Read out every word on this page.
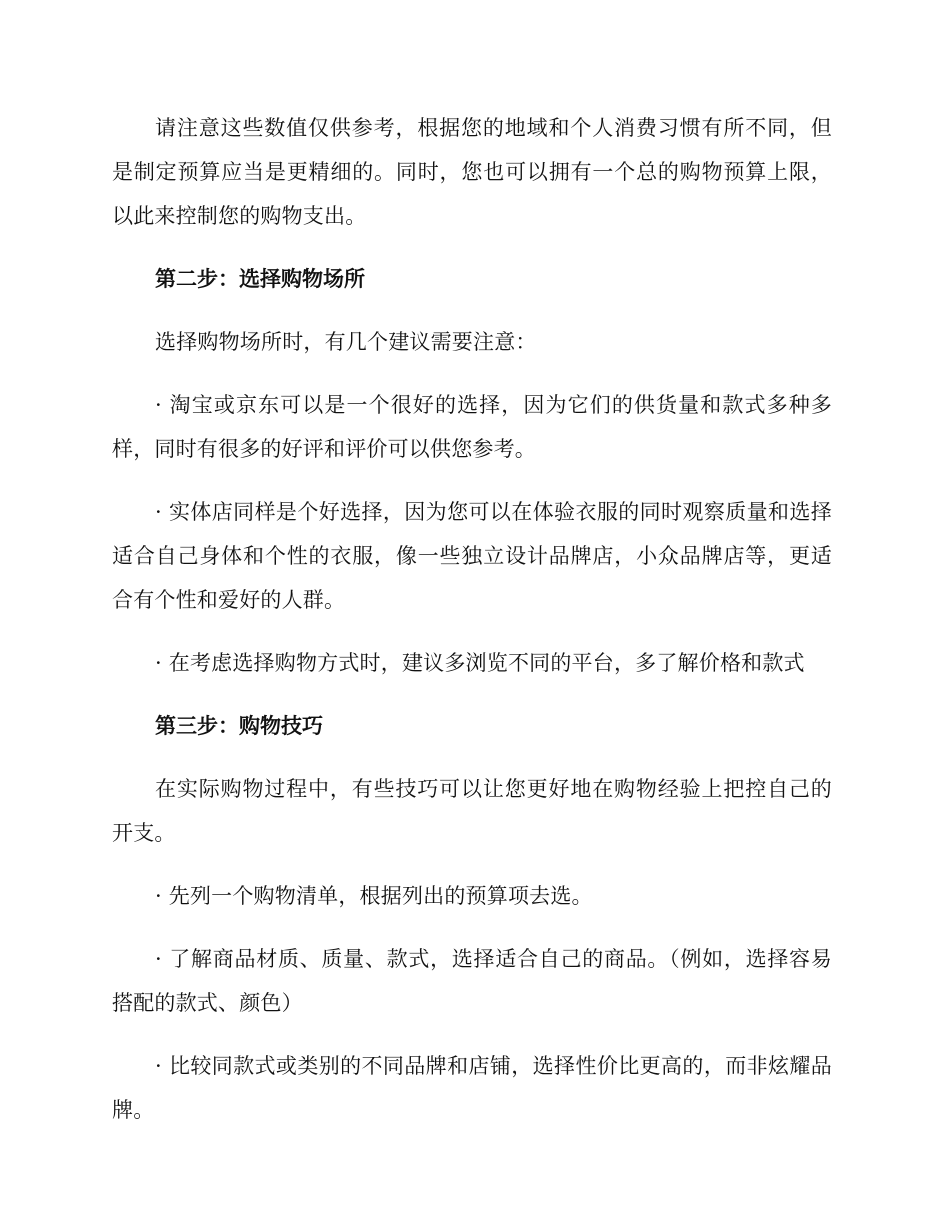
请注意这些数值仅供参考，根据您的地域和个人消费习惯有所不同，但是制定预算应当是更精细的。同时，您也可以拥有一个总的购物预算上限，以此来控制您的购物支出。

第二步：选择购物场所

选择购物场所时，有几个建议需要注意：

· 淘宝或京东可以是一个很好的选择，因为它们的供货量和款式多种多样，同时有很多的好评和评价可以供您参考。

· 实体店同样是个好选择，因为您可以在体验衣服的同时观察质量和选择适合自己身体和个性的衣服，像一些独立设计品牌店，小众品牌店等，更适合有个性和爱好的人群。

· 在考虑选择购物方式时，建议多浏览不同的平台，多了解价格和款式

第三步：购物技巧

在实际购物过程中，有些技巧可以让您更好地在购物经验上把控自己的开支。

· 先列一个购物清单，根据列出的预算项去选。

· 了解商品材质、质量、款式，选择适合自己的商品。（例如，选择容易搭配的款式、颜色）

· 比较同款式或类别的不同品牌和店铺，选择性价比更高的，而非炫耀品牌。
